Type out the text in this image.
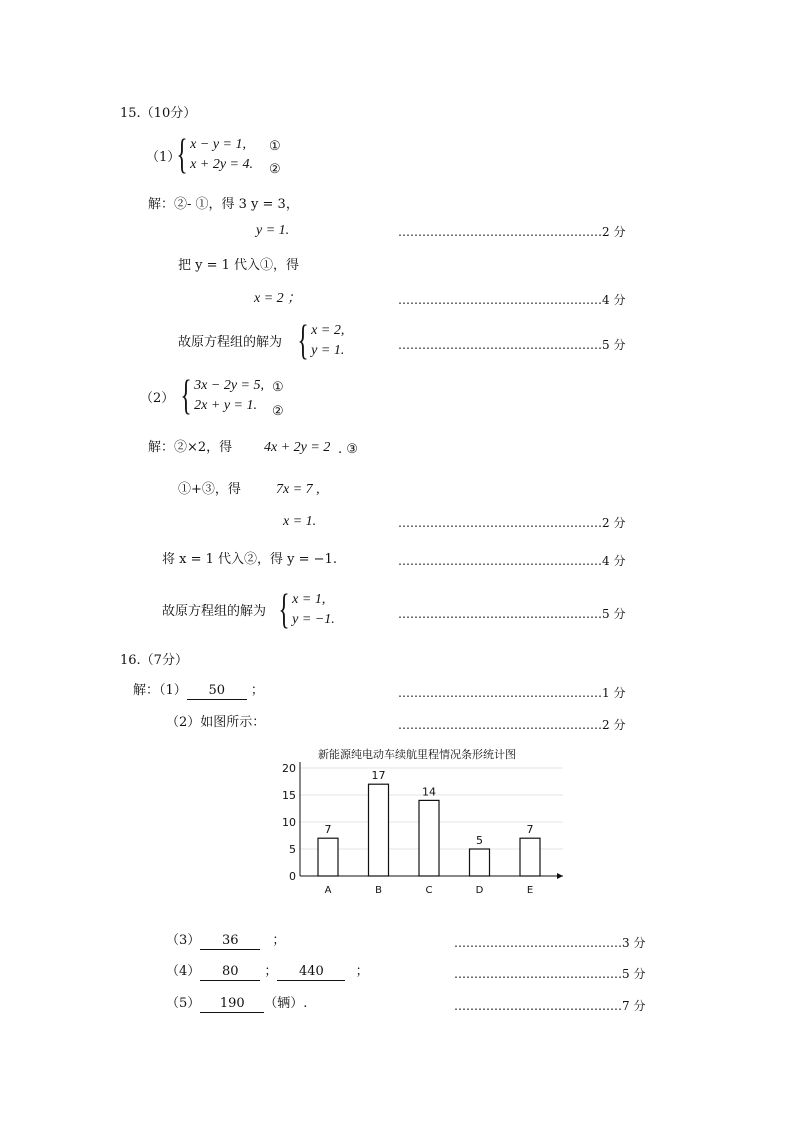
15.（10分）
（1）
{ x − y = 1,
x + 2y = 4.
①
②
解：②- ①，得 3 y = 3，
y = 1.	……………………………………………2 分
把 y = 1 代入①，得
x = 2 ；	……………………………………………4 分
故原方程组的解为 { x = 2,
y = 1.	……………………………………………5 分
（2） { 3x − 2y = 5,
2x + y = 1.
①
②
解：②×2，得 4x + 2y = 2 . ③
①+③，得	7x = 7 ,
x = 1.	……………………………………………2 分
将 x = 1 代入②，得 y = −1.	……………………………………………4 分
故原方程组的解为 { x = 1,
y = −1.	……………………………………………5 分
16.（7分）
解：（1） 50 ；	……………………………………………1 分
（2）如图所示：	……………………………………………2 分
新能源纯电动车续航里程情况条形统计图
0
5
10
15
20
7
A
17
B
14
C
5
D
7
E
（3） 36	；	……………………………………3 分
（4） 80 ； 440 ；	……………………………………5 分
（5） 190 （辆）.	……………………………………7 分
